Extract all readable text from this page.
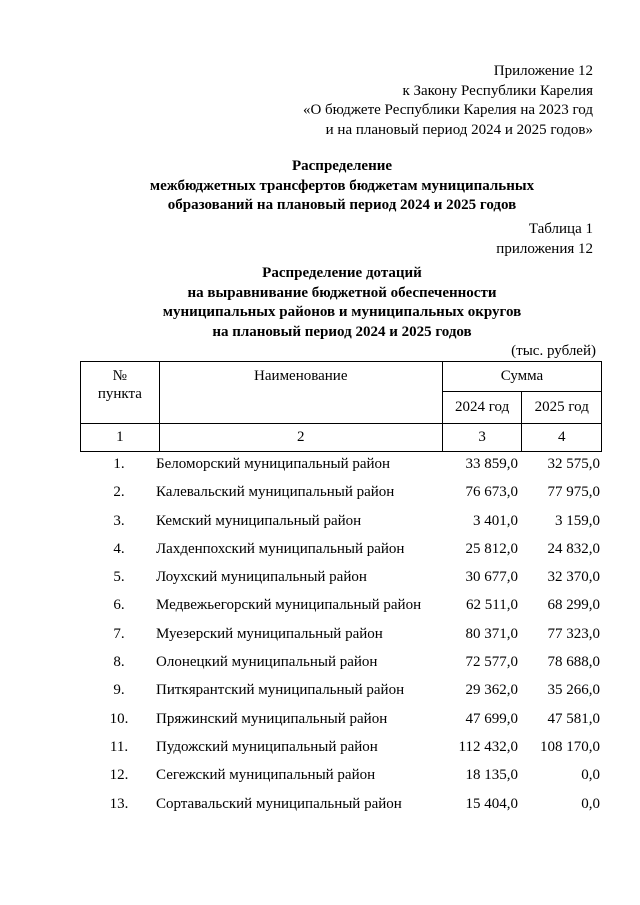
Приложение 12
к Закону Республики Карелия
«О бюджете Республики Карелия на 2023 год
и на плановый период 2024 и 2025 годов»
Распределение
межбюджетных трансфертов бюджетам муниципальных
образований на плановый период 2024 и 2025 годов
Таблица 1
приложения 12
Распределение дотаций
на выравнивание бюджетной обеспеченности
муниципальных районов и муниципальных округов
на плановый период 2024 и 2025 годов
(тыс. рублей)
№
пункта	Наименование	Сумма	
		2024 год	2025 год
1	2	3	4
1.	Беломорский муниципальный район	33 859,0 32 575,0
2.	Калевальский муниципальный район	76 673,0 77 975,0
3.	Кемский муниципальный район	3 401,0 3 159,0
4.	Лахденпохский муниципальный район	25 812,0 24 832,0
5.	Лоухский муниципальный район	30 677,0 32 370,0
6.	Медвежьегорский муниципальный район	62 511,0 68 299,0
7.	Муезерский муниципальный район	80 371,0 77 323,0
8.	Олонецкий муниципальный район	72 577,0 78 688,0
9.	Питкярантский муниципальный район	29 362,0 35 266,0
10.	Пряжинский муниципальный район	47 699,0 47 581,0
11.	Пудожский муниципальный район	112 432,0 108 170,0
12.	Сегежский муниципальный район	18 135,0	0,0
13.	Сортавальский муниципальный район	15 404,0	0,0
